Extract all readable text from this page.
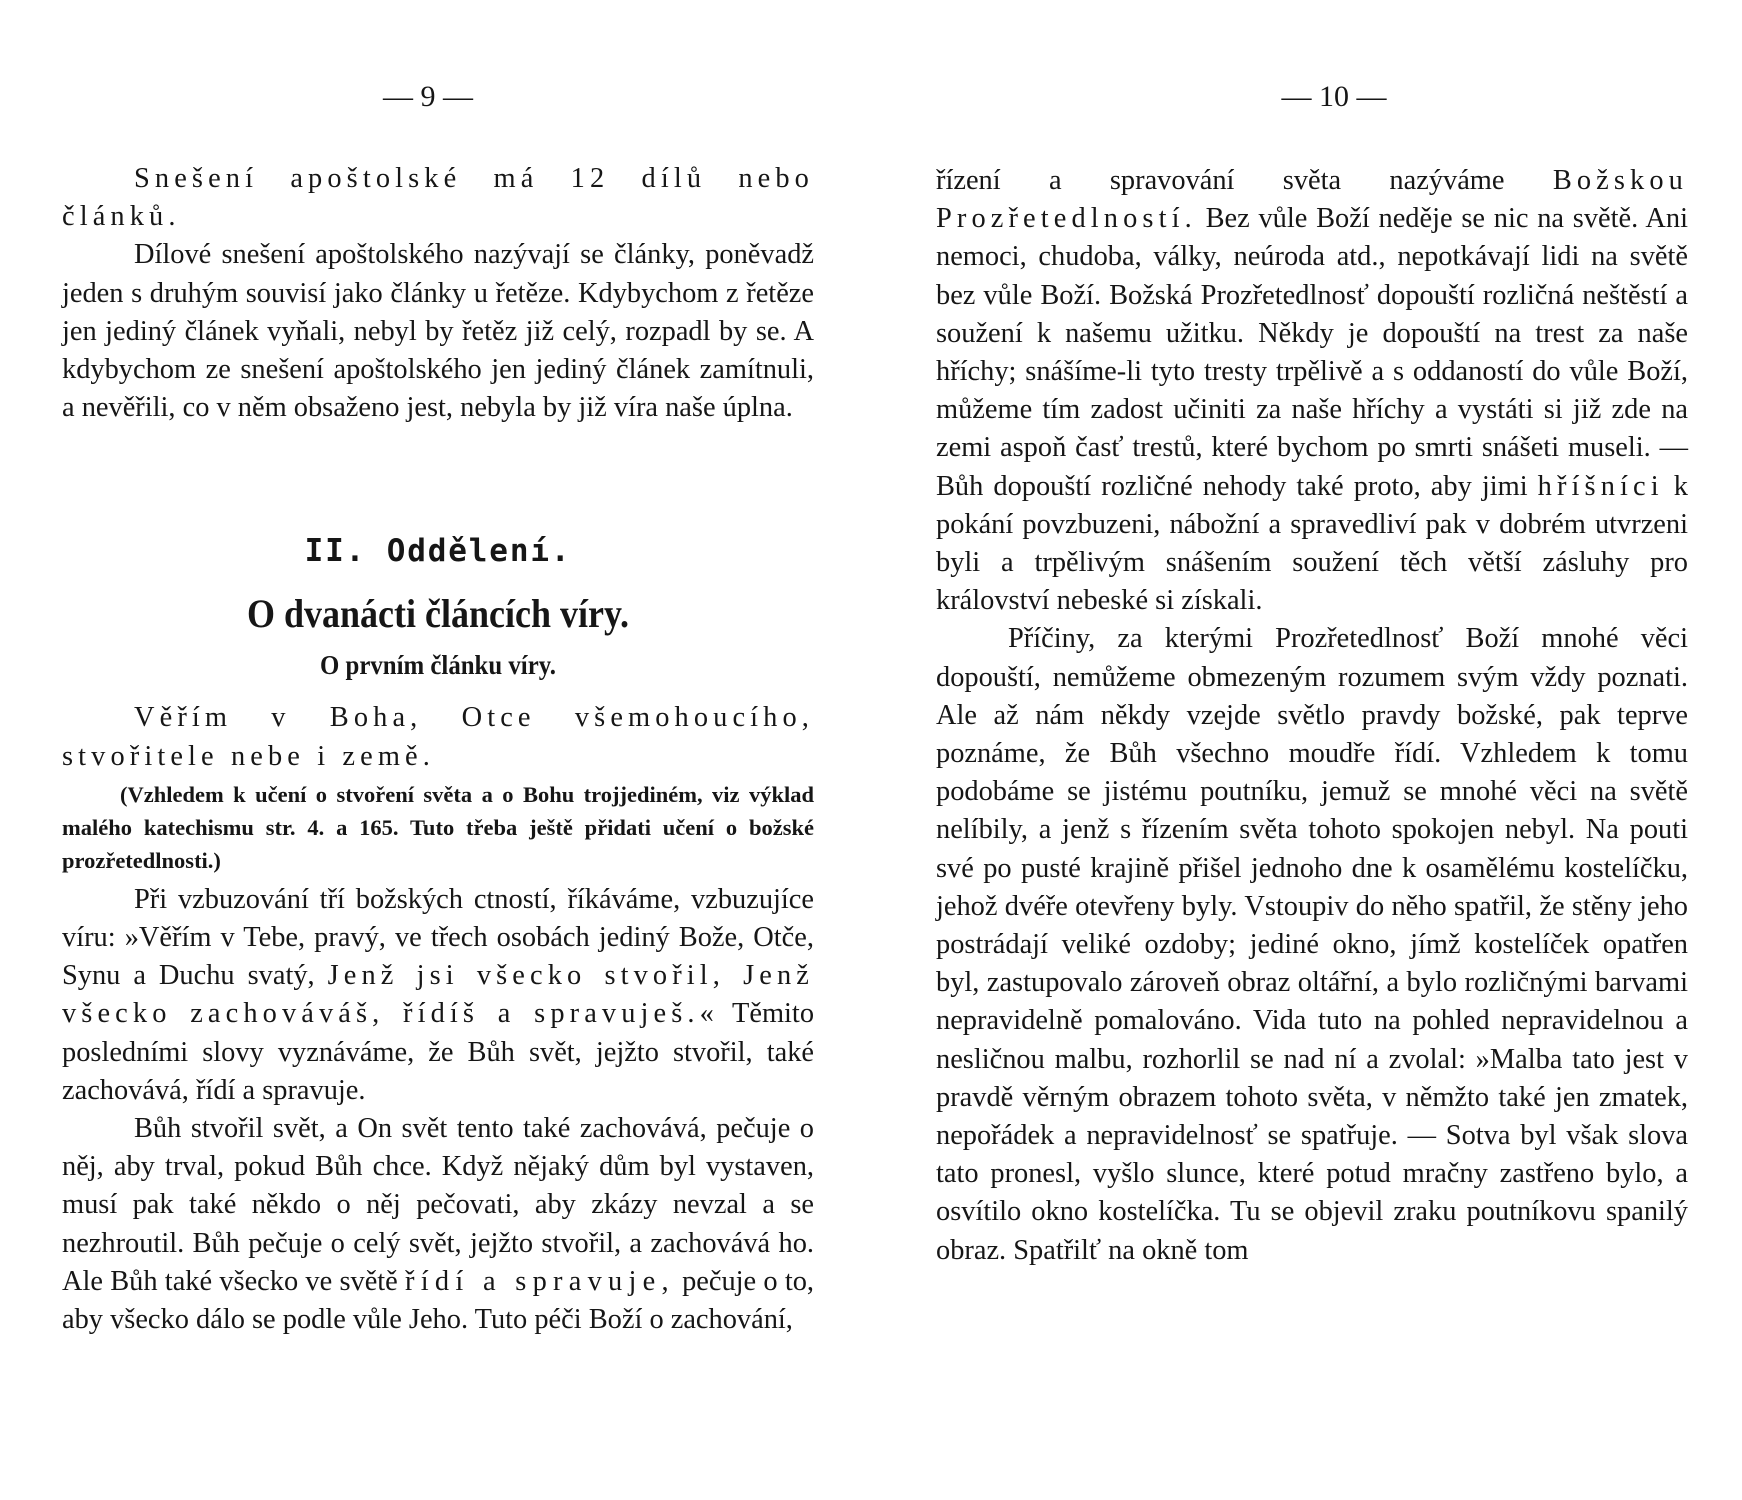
— 9 —

Snešení apoštolské má 12 dílů nebo článků.

Dílové snešení apoštolského nazývají se články, poněvadž jeden s druhým souvisí jako články u řetěze. Kdybychom z řetěze jen jediný článek vyňali, nebyl by řetěz již celý, rozpadl by se. A kdybychom ze snešení apoštolského jen jediný článek zamítnuli, a nevěřili, co v něm obsaženo jest, nebyla by již víra naše úplna.

II. Oddělení.
O dvanácti článcích víry.
O prvním článku víry.

Věřím v Boha, Otce všemohoucího, stvořitele nebe i země.

(Vzhledem k učení o stvoření světa a o Bohu trojjediném, viz výklad malého katechismu str. 4. a 165. Tuto třeba ještě přidati učení o božské prozřetedlnosti.)

Při vzbuzování tří božských ctností, říkáváme, vzbuzujíce víru: »Věřím v Tebe, pravý, ve třech osobách jediný Bože, Otče, Synu a Duchu svatý, Jenž jsi všecko stvořil, Jenž všecko zachováváš, řídíš a spravuješ.« Těmito posledními slovy vyznáváme, že Bůh svět, jejžto stvořil, také zachovává, řídí a spravuje.

Bůh stvořil svět, a On svět tento také zachovává, pečuje o něj, aby trval, pokud Bůh chce. Když nějaký dům byl vystaven, musí pak také někdo o něj pečovati, aby zkázy nevzal a se nezhroutil. Bůh pečuje o celý svět, jejžto stvořil, a zachovává ho. Ale Bůh také všecko ve světě řídí a spravuje, pečuje o to, aby všecko dálo se podle vůle Jeho. Tuto péči Boží o zachování,

— 10 —

řízení a spravování světa nazýváme Božskou Prozřetedlností. Bez vůle Boží neděje se nic na světě. Ani nemoci, chudoba, války, neúroda atd., nepotkávají lidi na světě bez vůle Boží. Božská Prozřetedlnosť dopouští rozličná neštěstí a soužení k našemu užitku. Někdy je dopouští na trest za naše hříchy; snášíme-li tyto tresty trpělivě a s oddaností do vůle Boží, můžeme tím zadost učiniti za naše hříchy a vystáti si již zde na zemi aspoň časť trestů, které bychom po smrti snášeti museli. — Bůh dopouští rozličné nehody také proto, aby jimi hříšníci k pokání povzbuzeni, nábožní a spravedliví pak v dobrém utvrzeni byli a trpělivým snášením soužení těch větší zásluhy pro království nebeské si získali.

Příčiny, za kterými Prozřetedlnosť Boží mnohé věci dopouští, nemůžeme obmezeným rozumem svým vždy poznati. Ale až nám někdy vzejde světlo pravdy božské, pak teprve poznáme, že Bůh všechno moudře řídí. Vzhledem k tomu podobáme se jistému poutníku, jemuž se mnohé věci na světě nelíbily, a jenž s řízením světa tohoto spokojen nebyl. Na pouti své po pusté krajině přišel jednoho dne k osamělému kostelíčku, jehož dvéře otevřeny byly. Vstoupiv do něho spatřil, že stěny jeho postrádají veliké ozdoby; jediné okno, jímž kostelíček opatřen byl, zastupovalo zároveň obraz oltářní, a bylo rozličnými barvami nepravidelně pomalováno. Vida tuto na pohled nepravidelnou a nesličnou malbu, rozhorlil se nad ní a zvolal: »Malba tato jest v pravdě věrným obrazem tohoto světa, v němžto také jen zmatek, nepořádek a nepravidelnosť se spatřuje. — Sotva byl však slova tato pronesl, vyšlo slunce, které potud mračny zastřeno bylo, a osvítilo okno kostelíčka. Tu se objevil zraku poutníkovu spanilý obraz. Spatřilť na okně tom
